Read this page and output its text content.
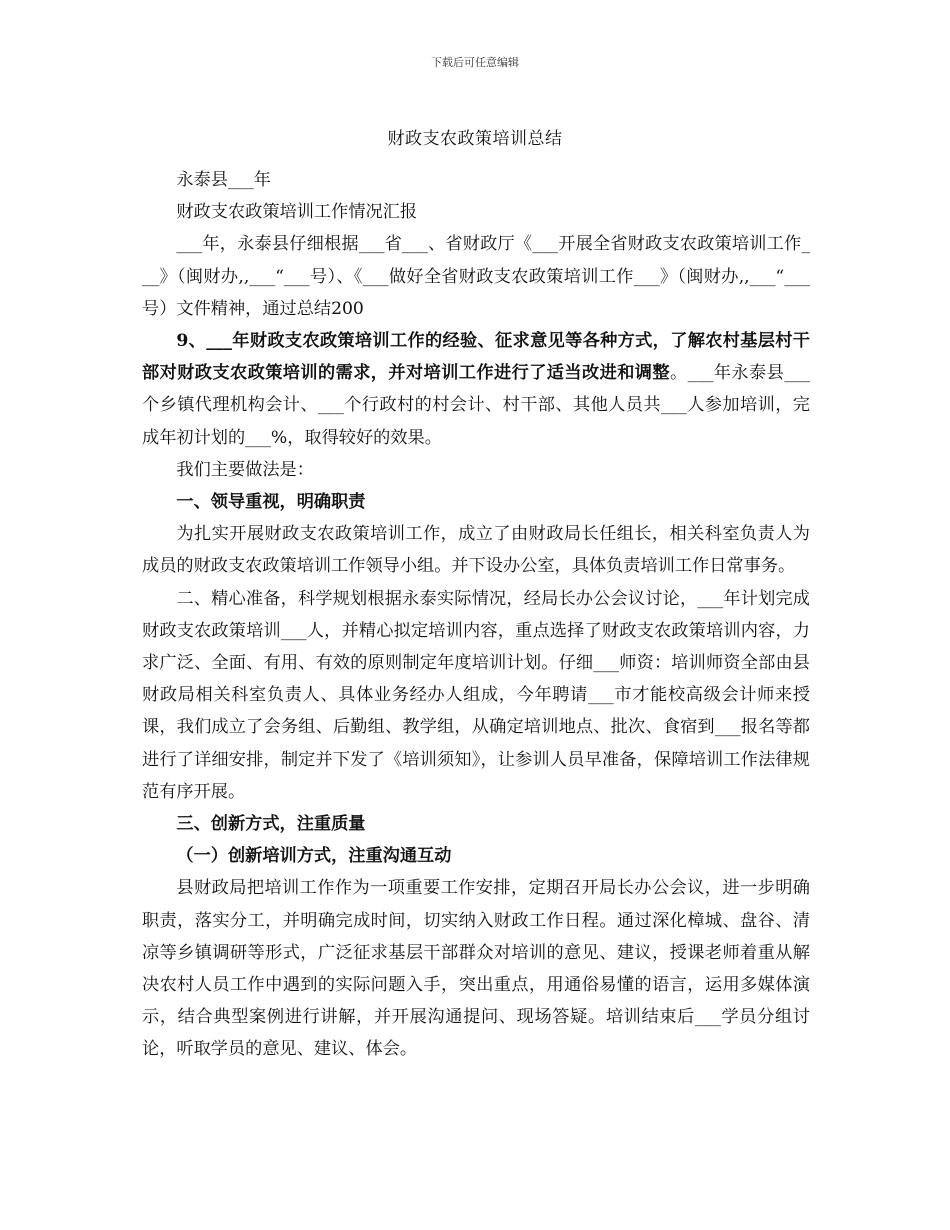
下载后可任意编辑
财政支农政策培训总结

永泰县___年

财政支农政策培训工作情况汇报

___年，永泰县仔细根据___省___、省财政厅《___开展全省财政支农政策培训工作___》（闽财办,,___“___号）、《___做好全省财政支农政策培训工作___》（闽财办,,___“___号）文件精神，通过总结200

9、___年财政支农政策培训工作的经验、征求意见等各种方式，了解农村基层村干部对财政支农政策培训的需求，并对培训工作进行了适当改进和调整。___年永泰县___个乡镇代理机构会计、___个行政村的村会计、村干部、其他人员共___人参加培训，完成年初计划的___%，取得较好的效果。

我们主要做法是：

一、领导重视，明确职责

为扎实开展财政支农政策培训工作，成立了由财政局长任组长，相关科室负责人为成员的财政支农政策培训工作领导小组。并下设办公室，具体负责培训工作日常事务。

二、精心准备，科学规划根据永泰实际情况，经局长办公会议讨论，___年计划完成财政支农政策培训___人，并精心拟定培训内容，重点选择了财政支农政策培训内容，力求广泛、全面、有用、有效的原则制定年度培训计划。仔细___师资：培训师资全部由县财政局相关科室负责人、具体业务经办人组成，今年聘请___市才能校高级会计师来授课，我们成立了会务组、后勤组、教学组，从确定培训地点、批次、食宿到___报名等都进行了详细安排，制定并下发了《培训须知》，让参训人员早准备，保障培训工作法律规范有序开展。

三、创新方式，注重质量

（一）创新培训方式，注重沟通互动

县财政局把培训工作作为一项重要工作安排，定期召开局长办公会议，进一步明确职责，落实分工，并明确完成时间，切实纳入财政工作日程。通过深化樟城、盘谷、清凉等乡镇调研等形式，广泛征求基层干部群众对培训的意见、建议，授课老师着重从解决农村人员工作中遇到的实际问题入手，突出重点，用通俗易懂的语言，运用多媒体演示，结合典型案例进行讲解，并开展沟通提问、现场答疑。培训结束后___学员分组讨论，听取学员的意见、建议、体会。
